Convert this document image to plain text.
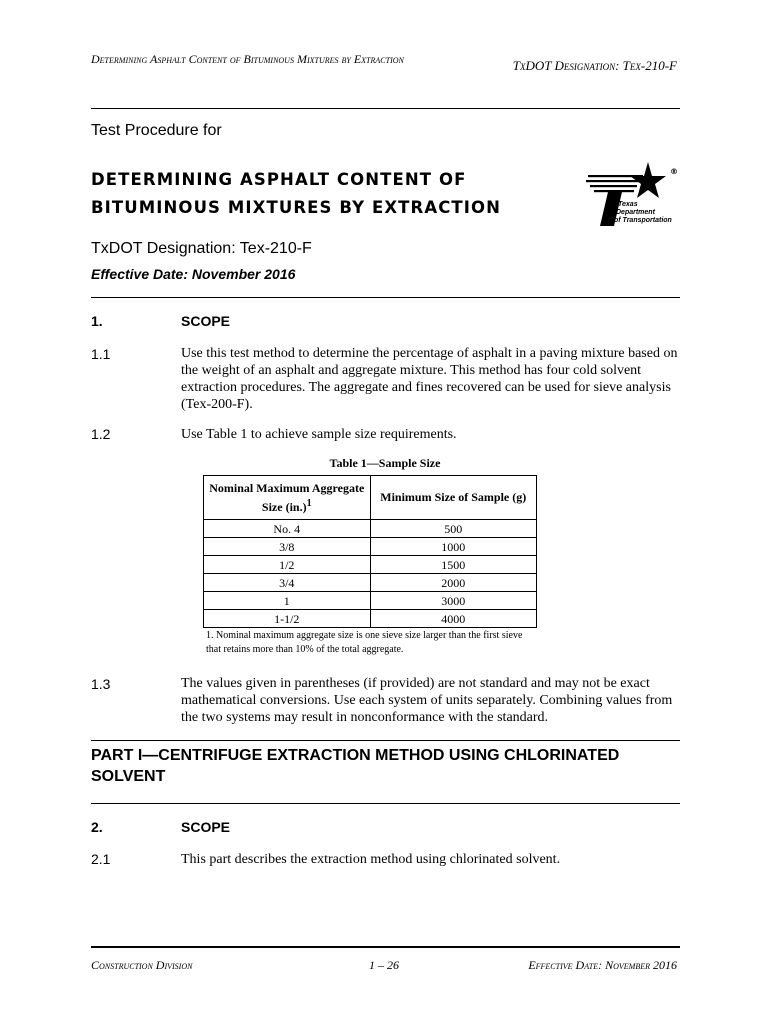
Determining Asphalt Content of Bituminous Mixtures by Extraction	TxDOT Designation: Tex-210-F
Test Procedure for
DETERMINING ASPHALT CONTENT OF
BITUMINOUS MIXTURES BY EXTRACTION
TxDOT Designation: Tex-210-F
Effective Date: November 2016
®
Texas
Department
of Transportation
1.	SCOPE
1.1	Use this test method to determine the percentage of asphalt in a paving mixture based on the weight of an asphalt and aggregate mixture. This method has four cold solvent extraction procedures. The aggregate and fines recovered can be used for sieve analysis (Tex-200-F).
1.2	Use Table 1 to achieve sample size requirements.
Table 1—Sample Size
Nominal Maximum Aggregate Size $(in.)^1$	Minimum Size of Sample (g)
No. 4	500
3/8	1000
1/2	1500
3/4	2000
1	3000
1-1/2	4000
1. Nominal maximum aggregate size is one sieve size larger than the first sieve that retains more than 10% of the total aggregate.
1.3	The values given in parentheses (if provided) are not standard and may not be exact mathematical conversions. Use each system of units separately. Combining values from the two systems may result in nonconformance with the standard.
PART I—CENTRIFUGE EXTRACTION METHOD USING CHLORINATED SOLVENT
2.	SCOPE
2.1	This part describes the extraction method using chlorinated solvent.
Construction Division	1 – 26	Effective Date: November 2016
